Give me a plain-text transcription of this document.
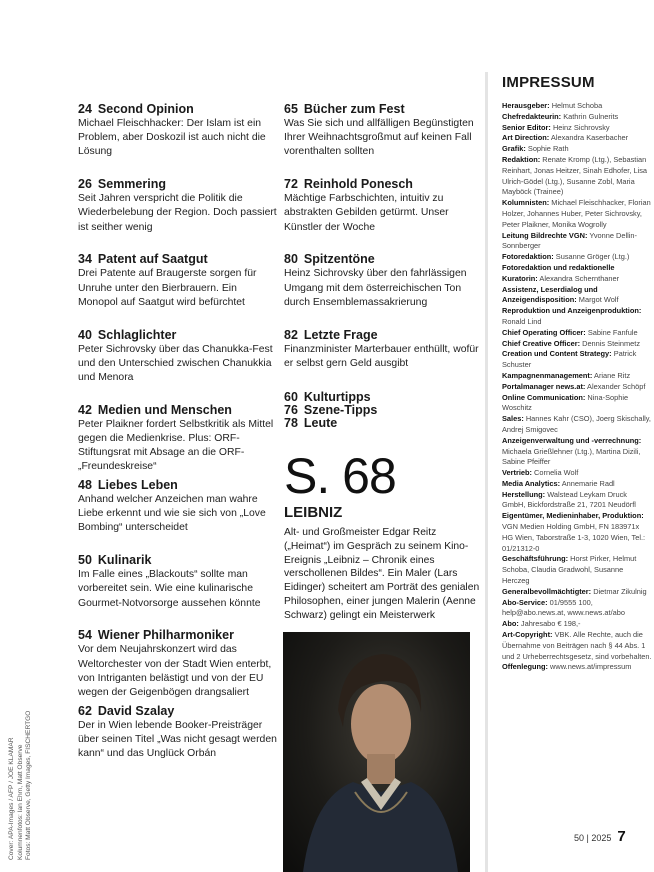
24 Second Opinion
Michael Fleischhacker: Der Islam ist ein Problem, aber Doskozil ist auch nicht die Lösung
26 Semmering
Seit Jahren verspricht die Politik die Wiederbelebung der Region. Doch passiert ist seither wenig
34 Patent auf Saatgut
Drei Patente auf Braugerste sorgen für Unruhe unter den Bierbrauern. Ein Monopol auf Saatgut wird befürchtet
40 Schlaglichter
Peter Sichrovsky über das Chanukka-Fest und den Unterschied zwischen Chanukkia und Menora
42 Medien und Menschen
Peter Plaikner fordert Selbstkritik als Mittel gegen die Medienkrise. Plus: ORF-Stiftungsrat mit Absage an die ORF-„Freundeskreise“
48 Liebes Leben
Anhand welcher Anzeichen man wahre Liebe erkennt und wie sie sich von „Love Bombing“ unterscheidet
50 Kulinarik
Im Falle eines „Blackouts“ sollte man vorbereitet sein. Wie eine kulinarische Gourmet-Notvorsorge aussehen könnte
54 Wiener Philharmoniker
Vor dem Neujahrskonzert wird das Weltorchester von der Stadt Wien enterbt, von Intriganten belästigt und von der EU wegen der Geigenbögen drangsaliert
62 David Szalay
Der in Wien lebende Booker-Preisträger über seinen Titel „Was nicht gesagt werden kann“ und das Unglück Orbán
65 Bücher zum Fest
Was Sie sich und allfälligen Begünstigten Ihrer Weihnachtsgroßmut auf keinen Fall vorenthalten sollten
72 Reinhold Ponesch
Mächtige Farbschichten, intuitiv zu abstrakten Gebilden getürmt. Unser Künstler der Woche
80 Spitzentöne
Heinz Sichrovsky über den fahrlässigen Umgang mit dem österreichischen Ton durch Ensemblemassakrierung
82 Letzte Frage
Finanzminister Marterbauer enthüllt, wofür er selbst gern Geld ausgibt
60 Kulturtipps
76 Szene-Tipps
78 Leute
S. 68
LEIBNIZ
Alt- und Großmeister Edgar Reitz („Heimat“) im Gespräch zu seinem Kino-Ereignis „Leibniz – Chronik eines verschollenen Bildes“. Ein Maler (Lars Eidinger) scheitert am Porträt des genialen Philosophen, einer jungen Malerin (Aenne Schwarz) gelingt ein Meisterwerk
IMPRESSUM

Herausgeber: Helmut Schoba
Chefredakteurin: Kathrin Gulnerits
Senior Editor: Heinz Sichrovsky
Art Direction: Alexandra Kaserbacher
Grafik: Sophie Rath
Redaktion: Renate Kromp (Ltg.), Sebastian Reinhart, Jonas Heitzer, Sinah Edhofer, Lisa Ulrich-Gödel (Ltg.), Susanne Zobl, Maria Mayböck (Trainee)
Kolumnisten: Michael Fleischhacker, Florian Holzer, Johannes Huber, Peter Sichrovsky, Peter Plaikner, Monika Wogrolly
Leitung Bildrechte VGN: Yvonne Dellin-Sonnberger
Fotoredaktion: Susanne Gröger (Ltg.)
Fotoredaktion und redaktionelle Kuratorin: Alexandra Schernthaner
Assistenz, Leserdialog und Anzeigendisposition: Margot Wolf
Reproduktion und Anzeigenproduktion: Ronald Lind
Chief Operating Officer: Sabine Fanfule
Chief Creative Officer: Dennis Steinmetz
Creation und Content Strategy: Patrick Schuster
Kampagnenmanagement: Ariane Ritz
Portalmanager news.at: Alexander Schöpf
Online Communication: Nina-Sophie Woschitz
Sales: Hannes Kahr (CSO), Joerg Skischally, Andrej Smigovec
Anzeigenverwaltung und -verrechnung: Michaela Grießlehner (Ltg.), Martina Dizili, Sabine Pfeiffer
Vertrieb: Cornelia Wolf
Media Analytics: Annemarie Radl
Herstellung: Walstead Leykam Druck GmbH, Bickfordstraße 21, 7201 Neudörfl
Eigentümer, Medieninhaber, Produktion: VGN Medien Holding GmbH, FN 183971x HG Wien, Taborstraße 1-3, 1020 Wien, Tel.: 01/21312-0
Geschäftsführung: Horst Pirker, Helmut Schoba, Claudia Gradwohl, Susanne Herczeg
Generalbevollmächtigter: Dietmar Zikulnig
Abo-Service: 01/9555 100, help@abo.news.at, www.news.at/abo
Abo: Jahresabo € 198,-
Art-Copyright: VBK. Alle Rechte, auch die Übernahme von Beiträgen nach § 44 Abs. 1 und 2 Urheberrechtsgesetz, sind vorbehalten.
Offenlegung: www.news.at/impressum

Cover: APA-Images / AFP / JOE KLAMAR Kolumnenfotos: Ian Ehm, Matt Observe Fotos: Matt Observe, Getty Images, FISCHERTGO	50 | 2025 7
